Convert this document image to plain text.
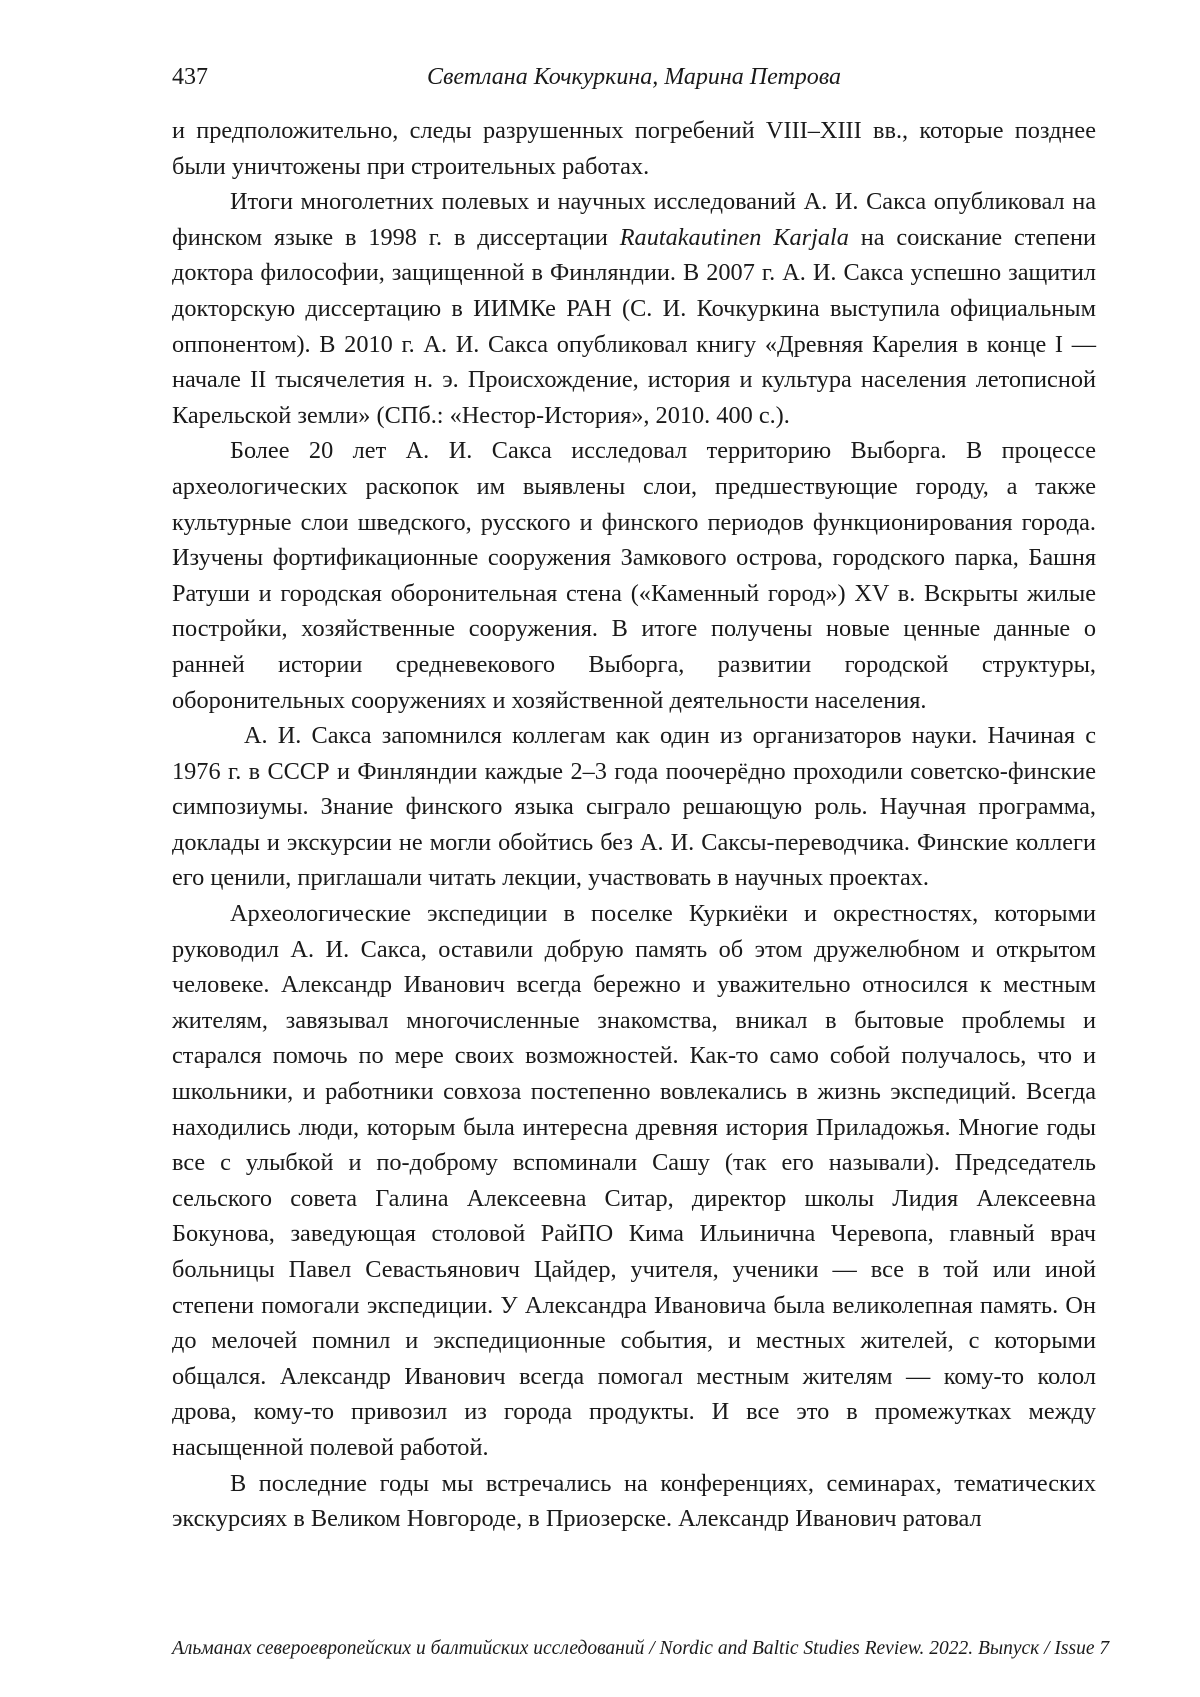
437	Светлана Кочкуркина, Марина Петрова

и предположительно, следы разрушенных погребений VIII–XIII вв., которые позднее были уничтожены при строительных работах.

Итоги многолетних полевых и научных исследований А. И. Сакса опубликовал на финском языке в 1998 г. в диссертации Rautakautinen Karjala на соискание степени доктора философии, защищенной в Финляндии. В 2007 г. А. И. Сакса успешно защитил докторскую диссертацию в ИИМКе РАН (С. И. Кочкуркина выступила официальным оппонентом). В 2010 г. А. И. Сакса опубликовал книгу «Древняя Карелия в конце I — начале II тысячелетия н. э. Происхождение, история и культура населения летописной Карельской земли» (СПб.: «Нестор-История», 2010. 400 с.).

Более 20 лет А. И. Сакса исследовал территорию Выборга. В процессе археологических раскопок им выявлены слои, предшествующие городу, а также культурные слои шведского, русского и финского периодов функционирования города. Изучены фортификационные сооружения Замкового острова, городского парка, Башня Ратуши и городская оборонительная стена («Каменный город») XV в. Вскрыты жилые постройки, хозяйственные сооружения. В итоге получены новые ценные данные о ранней истории средневекового Выборга, развитии городской структуры, оборонительных сооружениях и хозяйственной деятельности населения.

А. И. Сакса запомнился коллегам как один из организаторов науки. Начиная с 1976 г. в СССР и Финляндии каждые 2–3 года поочерёдно проходили советско-финские симпозиумы. Знание финского языка сыграло решающую роль. Научная программа, доклады и экскурсии не могли обойтись без А. И. Саксы-переводчика. Финские коллеги его ценили, приглашали читать лекции, участвовать в научных проектах.

Археологические экспедиции в поселке Куркиёки и окрестностях, которыми руководил А. И. Сакса, оставили добрую память об этом дружелюбном и открытом человеке. Александр Иванович всегда бережно и уважительно относился к местным жителям, завязывал многочисленные знакомства, вникал в бытовые проблемы и старался помочь по мере своих возможностей. Как-то само собой получалось, что и школьники, и работники совхоза постепенно вовлекались в жизнь экспедиций. Всегда находились люди, которым была интересна древняя история Приладожья. Многие годы все с улыбкой и по-доброму вспоминали Сашу (так его называли). Председатель сельского совета Галина Алексеевна Ситар, директор школы Лидия Алексеевна Бокунова, заведующая столовой РайПО Кима Ильинична Черевопа, главный врач больницы Павел Севастьянович Цайдер, учителя, ученики — все в той или иной степени помогали экспедиции. У Александра Ивановича была великолепная память. Он до мелочей помнил и экспедиционные события, и местных жителей, с которыми общался. Александр Иванович всегда помогал местным жителям — кому-то колол дрова, кому-то привозил из города продукты. И все это в промежутках между насыщенной полевой работой.

В последние годы мы встречались на конференциях, семинарах, тематических экскурсиях в Великом Новгороде, в Приозерске. Александр Иванович ратовал

Альманах североевропейских и балтийских исследований / Nordic and Baltic Studies Review. 2022. Выпуск / Issue 7
